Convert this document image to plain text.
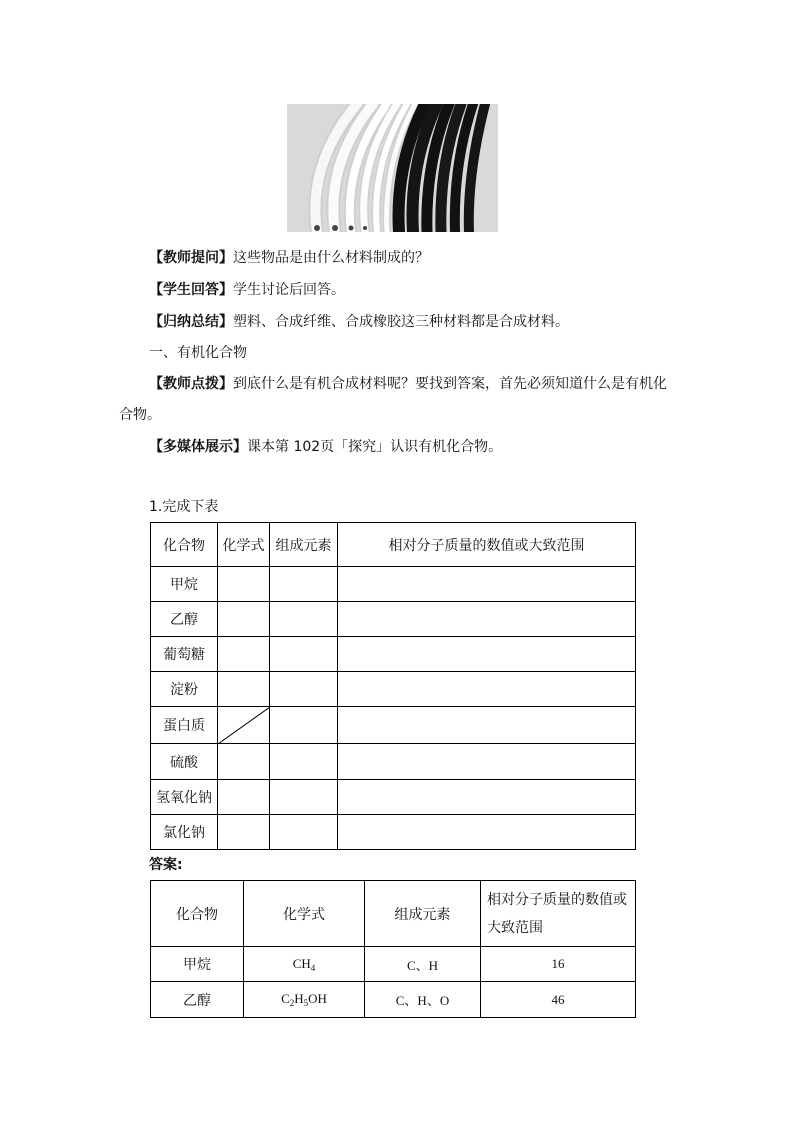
【教师提问】这些物品是由什么材料制成的？
【学生回答】学生讨论后回答。
【归纳总结】塑料、合成纤维、合成橡胶这三种材料都是合成材料。
一、有机化合物
【教师点拨】到底什么是有机合成材料呢？要找到答案，首先必须知道什么是有机化
合物。
【多媒体展示】课本第 102页「探究」认识有机化合物。
1.完成下表
化合物	化学式	组成元素	相对分子质量的数值或大致范围
甲烷			
乙醇			
葡萄糖			
淀粉			
蛋白质	

硫酸			
氢氧化钠			
氯化钠			
答案:
化合物	化学式	组成元素	相对分子质量的数值或大致范围
甲烷	$CH_4$	C、H	16
乙醇	$C_2H_5OH$	C、H、O	46
